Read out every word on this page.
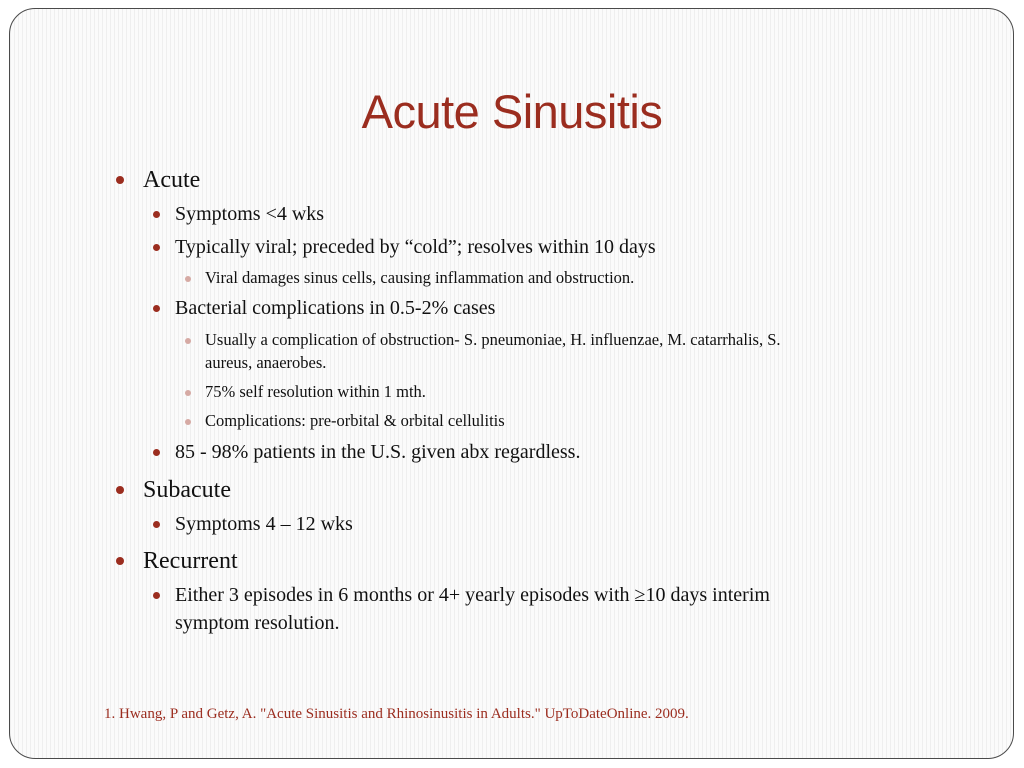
Acute Sinusitis
Acute
Symptoms <4 wks
Typically viral; preceded by “cold”; resolves within 10 days
Viral damages sinus cells, causing inflammation and obstruction.
Bacterial complications in 0.5-2% cases
Usually a complication of obstruction- S. pneumoniae, H. influenzae, M. catarrhalis, S.
aureus, anaerobes.
75% self resolution within 1 mth.
Complications: pre-orbital & orbital cellulitis
85 - 98% patients in the U.S. given abx regardless.
Subacute
Symptoms 4 – 12 wks
Recurrent
Either 3 episodes in 6 months or 4+ yearly episodes with ≥10 days interim
symptom resolution.
1. Hwang, P and Getz, A. "Acute Sinusitis and Rhinosinusitis in Adults." UpToDateOnline. 2009.
